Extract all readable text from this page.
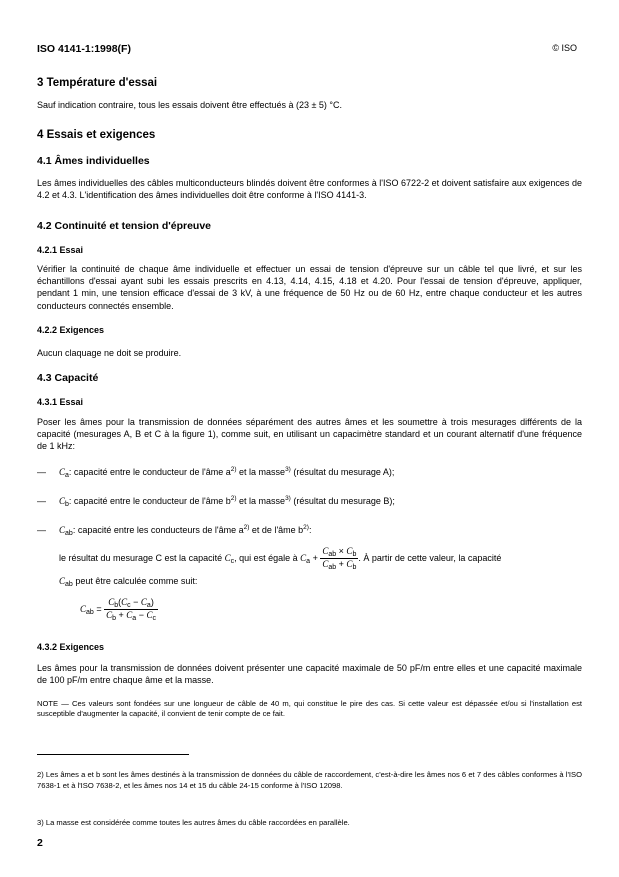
ISO 4141-1:1998(F)	© ISO
3 Température d'essai
Sauf indication contraire, tous les essais doivent être effectués à (23 ± 5) °C.
4 Essais et exigences
4.1 Âmes individuelles
Les âmes individuelles des câbles multiconducteurs blindés doivent être conformes à l'ISO 6722-2 et doivent satisfaire aux exigences de 4.2 et 4.3. L'identification des âmes individuelles doit être conforme à l'ISO 4141-3.
4.2 Continuité et tension d'épreuve
4.2.1 Essai
Vérifier la continuité de chaque âme individuelle et effectuer un essai de tension d'épreuve sur un câble tel que livré, et sur les échantillons d'essai ayant subi les essais prescrits en 4.13, 4.14, 4.15, 4.18 et 4.20. Pour l'essai de tension d'épreuve, appliquer, pendant 1 min, une tension efficace d'essai de 3 kV, à une fréquence de 50 Hz ou de 60 Hz, entre chaque conducteur et les autres conducteurs connectés ensemble.
4.2.2 Exigences
Aucun claquage ne doit se produire.
4.3 Capacité
4.3.1 Essai
Poser les âmes pour la transmission de données séparément des autres âmes et les soumettre à trois mesurages différents de la capacité (mesurages A, B et C à la figure 1), comme suit, en utilisant un capacimètre standard et un courant alternatif d'une fréquence de 1 kHz:
— $C_a$: capacité entre le conducteur de l'âme $a^{2)}$ et la masse$^{3)}$ (résultat du mesurage A);
— $C_b$: capacité entre le conducteur de l'âme $b^{2)}$ et la masse$^{3)}$ (résultat du mesurage B);
— $C_{ab}$: capacité entre les conducteurs de l'âme $a^{2)}$ et de l'âme $b^{2)}$:
le résultat du mesurage C est la capacité $C_c$, qui est égale à $C_a + \frac{C_{ab} \times C_b}{C_{ab} + C_b}$ . À partir de cette valeur, la capacité
$C_{ab}$ peut être calculée comme suit:
$C_{ab} = \frac{C_b(C_c - C_a)}{C_b + C_a - C_c}$
4.3.2 Exigences
Les âmes pour la transmission de données doivent présenter une capacité maximale de 50 pF/m entre elles et une capacité maximale de 100 pF/m entre chaque âme et la masse.
NOTE — Ces valeurs sont fondées sur une longueur de câble de 40 m, qui constitue le pire des cas. Si cette valeur est dépassée et/ou si l'installation est susceptible d'augmenter la capacité, il convient de tenir compte de ce fait.
2) Les âmes a et b sont les âmes destinés à la transmission de données du câble de raccordement, c'est-à-dire les âmes nos 6 et 7 des câbles conformes à l'ISO 7638-1 et à l'ISO 7638-2, et les âmes nos 14 et 15 du câble 24-15 conforme à l'ISO 12098.
3) La masse est considérée comme toutes les autres âmes du câble raccordées en parallèle.
2
